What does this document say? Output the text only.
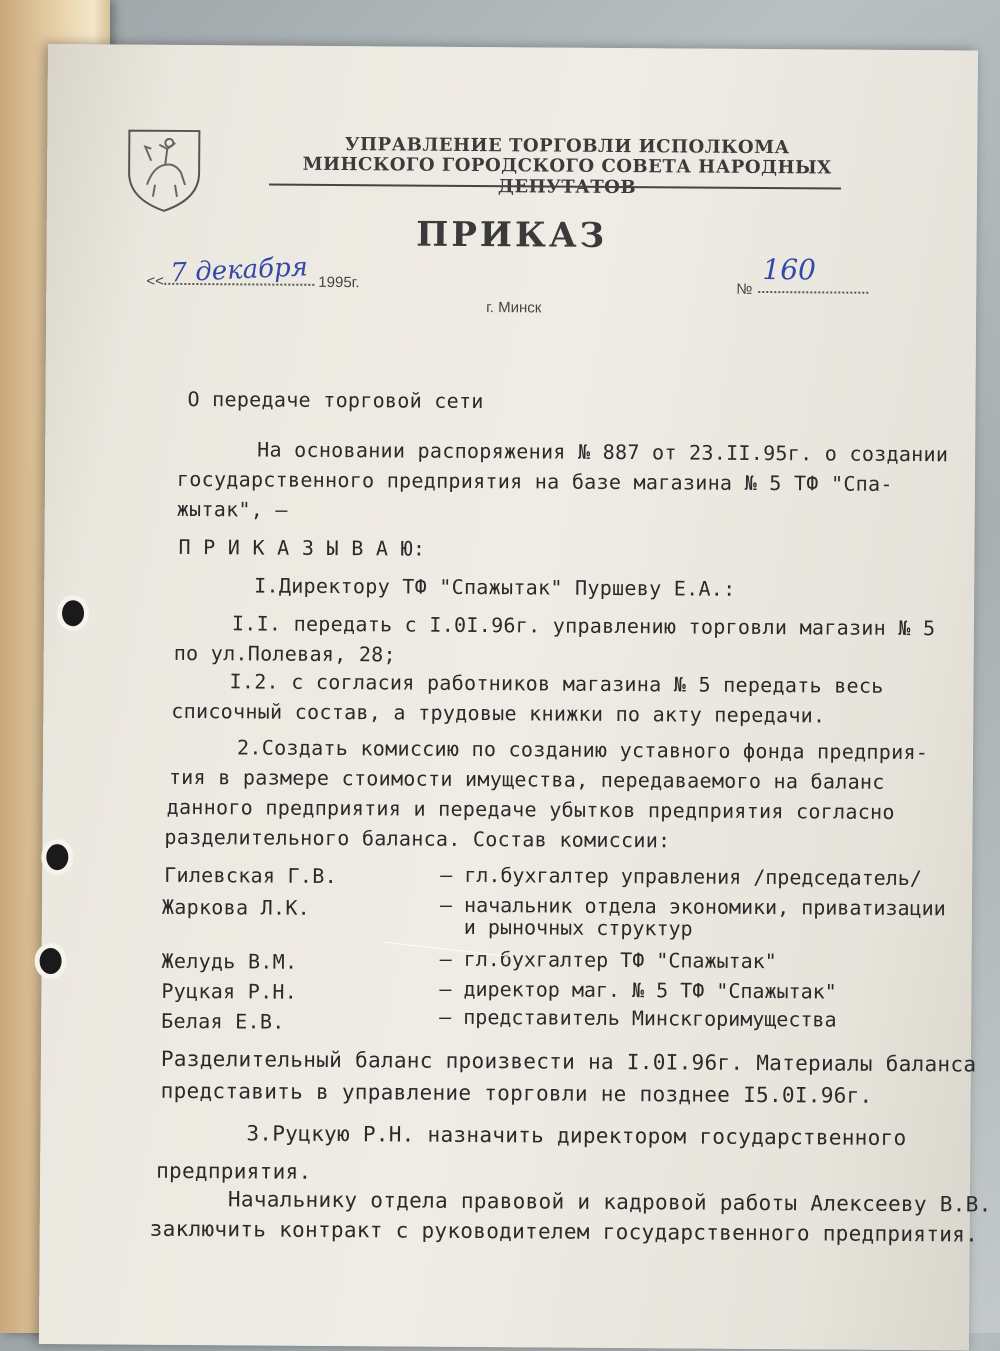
УПРАВЛЕНИЕ ТОРГОВЛИ ИСПОЛКОМА
МИНСКОГО ГОРОДСКОГО СОВЕТА НАРОДНЫХ ДЕПУТАТОВ
ПРИКАЗ
<< 7 декабря 1995г.	№
160
г. Минск
О передаче торговой сети
На основании распоряжения № 887 от 23.II.95г. о создании
государственного предприятия на базе магазина № 5 ТФ "Спа-
жытак", –
П Р И К А З Ы В А Ю:
I.Директору ТФ "Спажытак" Пуршеву Е.А.:
I.I. передать с I.0I.96г. управлению торговли магазин № 5
по ул.Полевая, 28;
I.2. с согласия работников магазина № 5 передать весь
списочный состав, а трудовые книжки по акту передачи.
2.Создать комиссию по созданию уставного фонда предприя-
тия в размере стоимости имущества, передаваемого на баланс
данного предприятия и передаче убытков предприятия согласно
разделительного баланса. Состав комиссии:
Гилевская Г.В.	– гл.бухгалтер управления /председатель/
Жаркова Л.К.	– начальник отдела экономики, приватизации
и рыночных структур
Желудь В.М.	– гл.бухгалтер ТФ "Спажытак"
Руцкая Р.Н.	– директор маг. № 5 ТФ "Спажытак"
Белая Е.В.	– представитель Минскгоримущества
Разделительный баланс произвести на I.0I.96г. Материалы баланса
представить в управление торговли не позднее I5.0I.96г.
3.Руцкую Р.Н. назначить директором государственного
предприятия.
Начальнику отдела правовой и кадровой работы Алексееву В.В.
заключить контракт с руководителем государственного предприятия.
